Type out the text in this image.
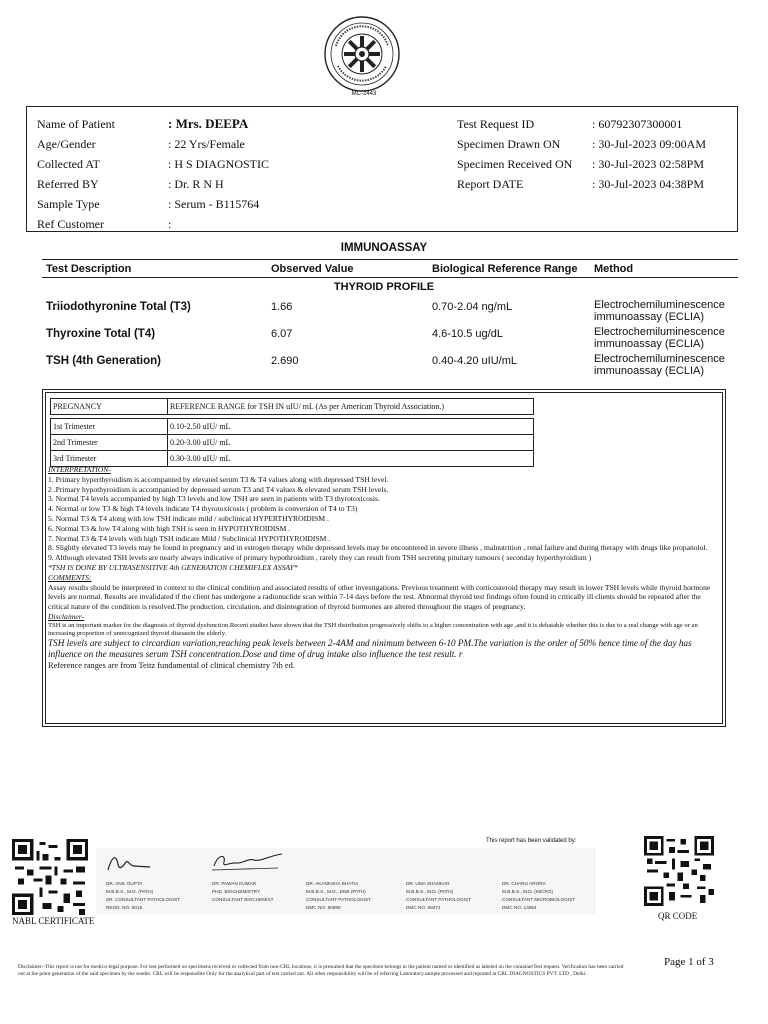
MC-2443
Name of Patient	: Mrs. DEEPA
Age/Gender	: 22 Yrs/Female
Collected AT	: H S DIAGNOSTIC
Referred BY	: Dr. R N H
Sample Type	: Serum - B115764
Ref Customer	:
Test Request ID	: 60792307300001
Specimen Drawn ON	: 30-Jul-2023 09:00AM
Specimen Received ON : 30-Jul-2023 02:58PM
Report DATE	: 30-Jul-2023 04:38PM
IMMUNOASSAY
Test Description	Observed Value	Biological Reference Range Method
THYROID PROFILE
Triiodothyronine Total (T3)	1.66	0.70-2.04 ng/mL	Electrochemiluminescence immunoassay (ECLIA)
Thyroxine Total (T4)	6.07	4.6-10.5 ug/dL	Electrochemiluminescence immunoassay (ECLIA)
TSH (4th Generation)	2.690	0.40-4.20 uIU/mL	Electrochemiluminescence immunoassay (ECLIA)
PREGNANCY	REFERENCE RANGE for TSH IN uIU/ mL (As per American Thyroid Association.)

1st Trimester	0.10-2.50 uIU/ mL
2nd Trimester	0.20-3.00 uIU/ mL
3rd Trimester	0.30-3.00 uIU/ mL
INTERPRETATION-
1. Primary hyperthyroidism is accompanied by elevated serum T3 & T4 values along with depressed TSH level.
2 .Primary hypothyroidism is accompanied by depressed serum T3 and T4 values & elevated serum TSH levels.
3. Normal T4 levels accompanied by high T3 levels and low TSH are seen in patients with T3 thyrotoxicosis.
4. Normal or low T3 & high T4 levels indicate T4 thyrotoxicosis ( problem is conversion of T4 to T3)
5. Normal T3 & T4 along with low TSH indicate mild / subclinical HYPERTHYROIDISM .
6. Normal T3 & low T4 along with high TSH is seen in HYPOTHYROIDISM .
7. Normal T3 & T4 levels with high TSH indicate Mild / Subclinical HYPOTHYROIDISM .
8. Slightly elevated T3 levels may be found in pregnancy and in estrogen therapy while depressed levels may be encountered in severe illness , malnutrition , renal failure and during therapy with drugs like propanolol.
9. Although elevated TSH levels are nearly always indicative of primary hypothroidism , rarely they can result from TSH secreting pituitary tumours ( seconday hyperthyroidism )
*TSH IS DONE BY ULTRASENSITIVE 4th GENERATION CHEMIFLEX ASSAY*
COMMENTS:
Assay results should be interpreted in context to the clinical condition and associated results of other investigations. Previous treatment with corticosteroid therapy may result in lower TSH levels while thyroid hormone levels are normal. Results are invalidated if the client has undergone a radionuclide scan within 7-14 days before the test. Abnormal thyroid test findings often found in critically ill clients should be repeated after the critical nature of the condition is resolved.The production, circulation, and disintegration of thyroid hormones are altered throughout the stages of pregnancy.
Disclaimer-
TSH is an important marker for the diagnosis of thyroid dysfunction.Recent studies have shown that the TSH distribution progressively shifts to a higher concentration with age ,and it is debatable whether this is due to a real change with age or an increasing proportion of unrecognized thyroid diseasein the elderly.
TSH levels are subject to circardian variation,reaching peak levels between 2-4AM and ninimum between 6-10 PM.The variation is the order of 50% hence time of the day has influence on the measures serum TSH concentration.Dose and time of drug intake also influence the test result. r
Reference ranges are from Teitz fundamental of clinical chemistry 7th ed.
NABL CERTIFICATE
This report has been validated by:
DR. ANIL GUPTA
M.B.B.S., M.D. (PATH)
SR. CONSULTANT PATHOLOGIST
REGD. NO. 5015
DR. PAWAN KUMAR
PHD. BIOCHEMISTRY
CONSULTANT BIOCHEMIST
DR. AKANKSHA BHATIA
M.B.B.S., M.D., DNB (PATH)
CONSULTANT PATHOLOGIST
DMC NO. 80898
DR. UMA SHANKAR
M.B.B.S., M.D. (PATH)
CONSULTANT PATHOLOGIST
DMC NO. 58471
DR. CHARU ARORA
M.B.B.S., M.D. (MICRO)
CONSULTANT MICROBIOLOGIST
DMC NO. 13064
QR CODE
Page 1 of 3
Disclaimer:-This report is not for medico-legal purpose. For test performed on specimens received or collected from non-CRL locations, it is presumed that the specimen belongs to the patient named or identified as labeled on the containerTest request. Verification has been carried
out at the point generation of the said specimen by the sender. CRL will be responsible Only for the analytical part of test carried out. All other responsibility will be of referring Laboratory.sample processed and reported at CRL DIAGNOSTICS PVT. LTD , Delhi.
